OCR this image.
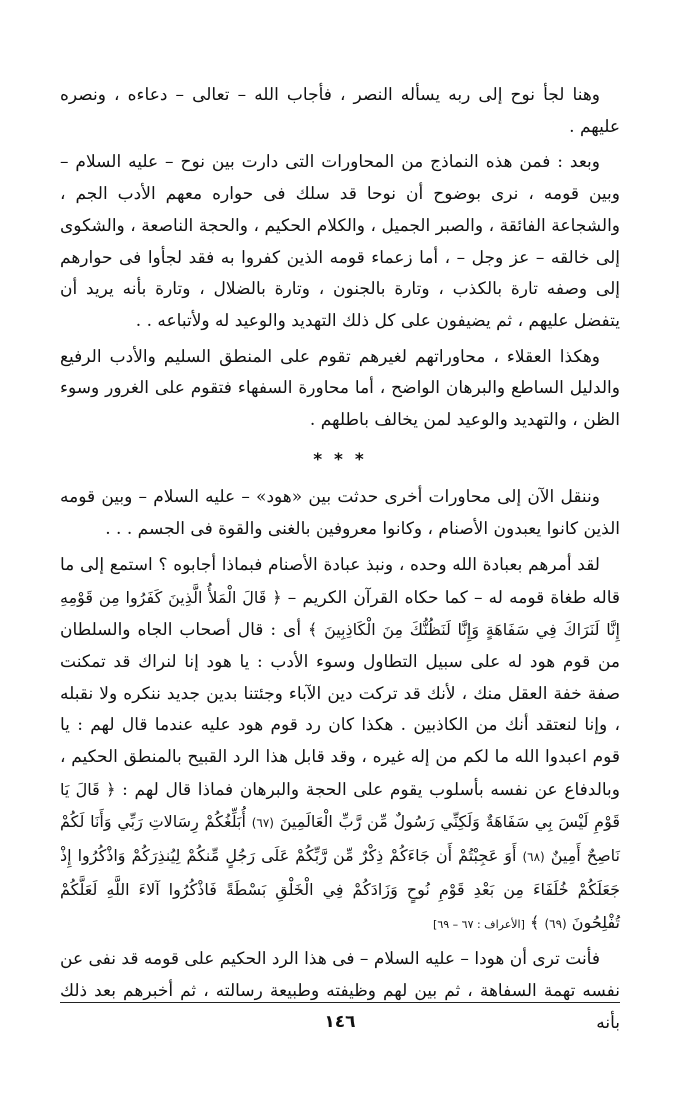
وهنا لجأ نوح إلى ربه يسأله النصر ، فأجاب الله – تعالى – دعاءه ، ونصره عليهم .

وبعد : فمن هذه النماذج من المحاورات التى دارت بين نوح – عليه السلام – وبين قومه ، نرى بوضوح أن نوحا قد سلك فى حواره معهم الأدب الجم ، والشجاعة الفائقة ، والصبر الجميل ، والكلام الحكيم ، والحجة الناصعة ، والشكوى إلى خالقه – عز وجل – ، أما زعماء قومه الذين كفروا به فقد لجأوا فى حوارهم إلى وصفه تارة بالكذب ، وتارة بالجنون ، وتارة بالضلال ، وتارة بأنه يريد أن يتفضل عليهم ، ثم يضيفون على كل ذلك التهديد والوعيد له ولأتباعه . .

وهكذا العقلاء ، محاوراتهم لغيرهم تقوم على المنطق السليم والأدب الرفيع والدليل الساطع والبرهان الواضح ، أما محاورة السفهاء فتقوم على الغرور وسوء الظن ، والتهديد والوعيد لمن يخالف باطلهم .

* * *

وننقل الآن إلى محاورات أخرى حدثت بين «هود» – عليه السلام – وبين قومه الذين كانوا يعبدون الأصنام ، وكانوا معروفين بالغنى والقوة فى الجسم . . .

لقد أمرهم بعبادة الله وحده ، ونبذ عبادة الأصنام فبماذا أجابوه ؟ استمع إلى ما قاله طغاة قومه له – كما حكاه القرآن الكريم – ﴿ قَالَ الْمَلأُ الَّذِينَ كَفَرُوا مِن قَوْمِهِ إِنَّا لَنَرَاكَ فِي سَفَاهَةٍ وَإِنَّا لَنَظُنُّكَ مِنَ الْكَاذِبِينَ ﴾ أى : قال أصحاب الجاه والسلطان من قوم هود له على سبيل التطاول وسوء الأدب : يا هود إنا لنراك قد تمكنت صفة خفة العقل منك ، لأنك قد تركت دين الآباء وجئتنا بدين جديد ننكره ولا نقبله ، وإنا لنعتقد أنك من الكاذبين . هكذا كان رد قوم هود عليه عندما قال لهم : يا قوم اعبدوا الله ما لكم من إله غيره ، وقد قابل هذا الرد القبيح بالمنطق الحكيم ، وبالدفاع عن نفسه بأسلوب يقوم على الحجة والبرهان فماذا قال لهم : ﴿ قَالَ يَا قَوْمِ لَيْسَ بِي سَفَاهَةٌ وَلَكِنِّي رَسُولٌ مِّن رَّبِّ الْعَالَمِينَ (٦٧) أُبَلِّغُكُمْ رِسَالاتِ رَبِّي وَأَنَا لَكُمْ نَاصِحٌ أَمِينٌ (٦٨) أَوَ عَجِبْتُمْ أَن جَاءَكُمْ ذِكْرٌ مِّن رَّبِّكُمْ عَلَى رَجُلٍ مِّنكُمْ لِيُنذِرَكُمْ وَاذْكُرُوا إِذْ جَعَلَكُمْ خُلَفَاءَ مِن بَعْدِ قَوْمِ نُوحٍ وَزَادَكُمْ فِي الْخَلْقِ بَسْطَةً فَاذْكُرُوا آلاءَ اللَّهِ لَعَلَّكُمْ تُفْلِحُونَ (٦٩) ﴾ [الأعراف : ٦٧ – ٦٩]

فأنت ترى أن هودا – عليه السلام – فى هذا الرد الحكيم على قومه قد نفى عن نفسه تهمة السفاهة ، ثم بين لهم وظيفته وطبيعة رسالته ، ثم أخبرهم بعد ذلك بأنه

١٤٦
